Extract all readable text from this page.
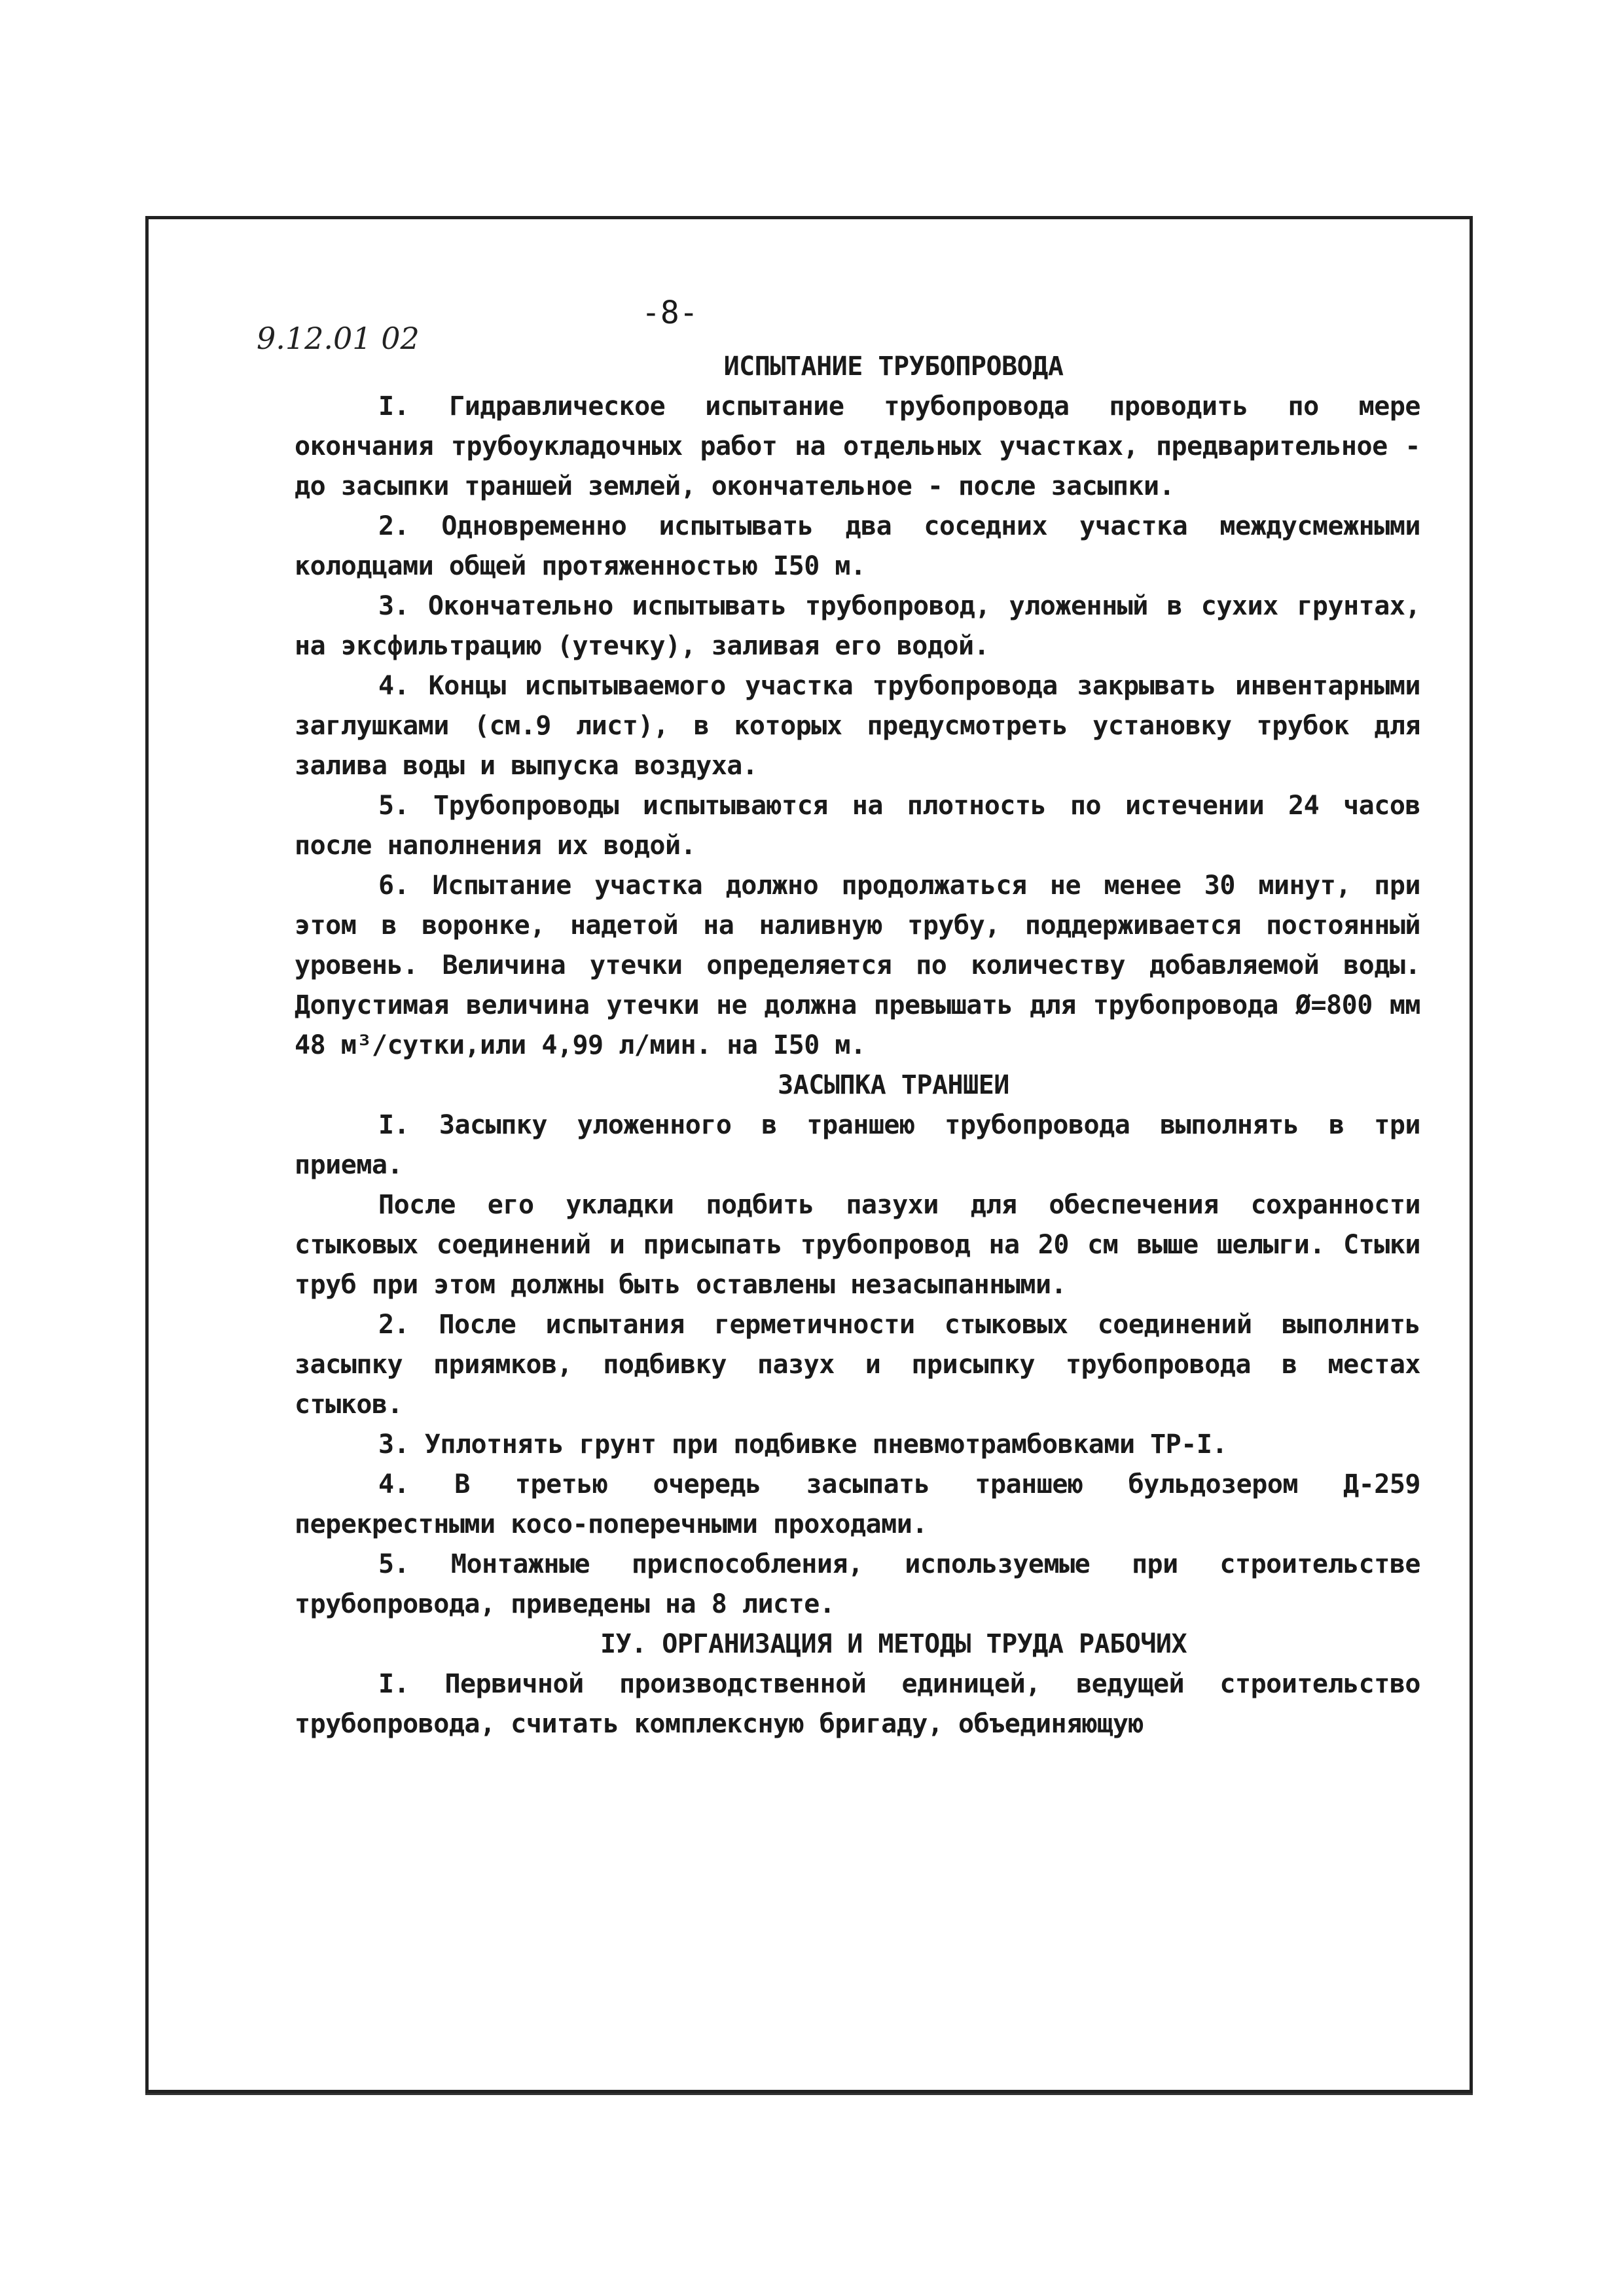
9.12.01 02
-8-
ИСПЫТАНИЕ ТРУБОПРОВОДА

I. Гидравлическое испытание трубопровода проводить по мере окончания трубоукладочных работ на отдельных участках, предварительное - до засыпки траншей землей, окончательное - после засыпки.

2. Одновременно испытывать два соседних участка междусмежными колодцами общей протяженностью I50 м.

3. Окончательно испытывать трубопровод, уложенный в сухих грунтах, на эксфильтрацию (утечку), заливая его водой.

4. Концы испытываемого участка трубопровода закрывать инвентарными заглушками (см.9 лист), в которых предусмотреть установку трубок для залива воды и выпуска воздуха.

5. Трубопроводы испытываются на плотность по истечении 24 часов после наполнения их водой.

6. Испытание участка должно продолжаться не менее 30 минут, при этом в воронке, надетой на наливную трубу, поддерживается постоянный уровень. Величина утечки определяется по количеству добавляемой воды. Допустимая величина утечки не должна превышать для трубопровода Ø=800 мм 48 м³/сутки,или 4,99 л/мин. на I50 м.

ЗАСЫПКА ТРАНШЕИ

I. Засыпку уложенного в траншею трубопровода выполнять в три приема.

После его укладки подбить пазухи для обеспечения сохранности стыковых соединений и присыпать трубопровод на 20 см выше шелыги. Стыки труб при этом должны быть оставлены незасыпанными.

2. После испытания герметичности стыковых соединений выполнить засыпку приямков, подбивку пазух и присыпку трубопровода в местах стыков.

3. Уплотнять грунт при подбивке пневмотрамбовками ТР-I.

4. В третью очередь засыпать траншею бульдозером Д-259 перекрестными косо-поперечными проходами.

5. Монтажные приспособления, используемые при строительстве трубопровода, приведены на 8 листе.

IУ. ОРГАНИЗАЦИЯ И МЕТОДЫ ТРУДА РАБОЧИХ

I. Первичной производственной единицей, ведущей строительство трубопровода, считать комплексную бригаду, объединяющую
